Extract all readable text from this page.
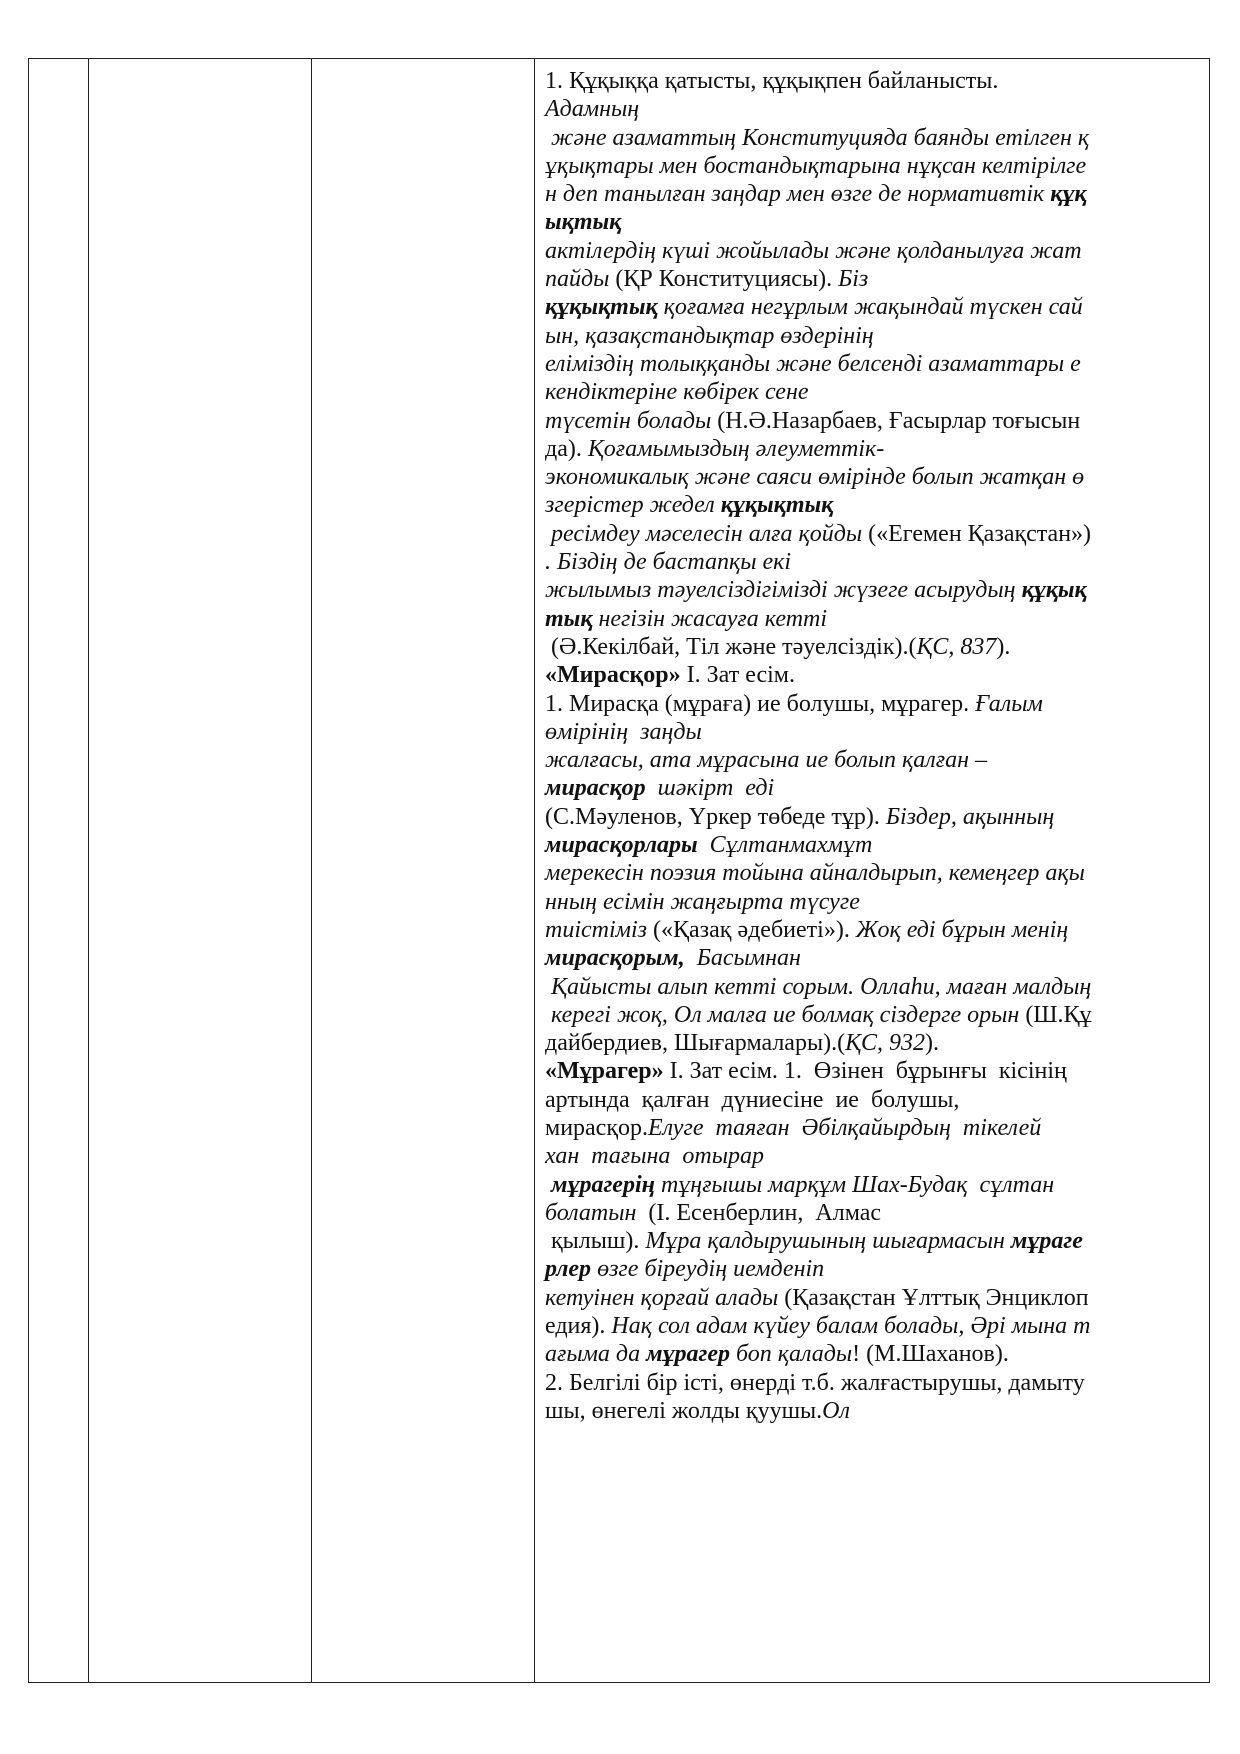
1. Құқыққа қатысты, құқықпен байланысты.
Адамның
және азаматтың Конституцияда баянды етілген қ
ұқықтары мен бостандықтарына нұқсан келтірілге
н деп танылған заңдар мен өзге де нормативтік құқ
ықтық
актілердің күші жойылады және қолданылуға жат
пайды (ҚР Конституциясы). Біз
құқықтық қоғамға негұрлым жақындай түскен сай
ын, қазақстандықтар өздерінің
еліміздің толыққанды және белсенді азаматтары е
кендіктеріне көбірек сене
түсетін болады (Н.Ә.Назарбаев, Ғасырлар тоғысын
да). Қоғамымыздың әлеуметтік-
экономикалық және саяси өмірінде болып жатқан ө
згерістер жедел құқықтық
ресімдеу мәселесін алға қойды («Егемен Қазақстан»)
. Біздің де бастапқы екі
жылымыз тәуелсіздігімізді жүзеге асырудың құқық
тық негізін жасауға кетті
(Ә.Кекілбай, Тіл және тәуелсіздік).(ҚС, 837).
«Мирасқор» I. Зат есім.
1. Мирасқа (мұраға) ие болушы, мұрагер. Ғалым
өмірінің  заңды
жалғасы, ата мұрасына ие болып қалған –
мирасқор  шәкірт  еді
(С.Мәуленов, Үркер төбеде тұр). Біздер, ақынның
мирасқорлары  Сұлтанмахмұт
мерекесін поэзия тойына айналдырып, кемеңгер ақы
нның есімін жаңғырта түсуге
тиістіміз («Қазақ әдебиеті»). Жоқ еді бұрын менің
мирасқорым,  Басымнан
Қайысты алып кетті сорым. Оллаһи, маған малдың
керегі жоқ, Ол малға ие болмақ сіздерге орын (Ш.Құ
дайбердиев, Шығармалары).(ҚС, 932).
«Мұрагер» I. Зат есім. 1.  Өзінен  бұрынғы  кісінің
артында  қалған  дүниесіне  ие  болушы,
мирасқор.Елуге  таяған  Әбілқайырдың  тікелей
хан  тағына  отырар
мұрагерің тұңғышы марқұм Шах-Будақ  сұлтан
болатын  (І. Есенберлин,  Алмас
қылыш). Мұра қалдырушының шығармасын мұраге
рлер өзге біреудің иемденіп
кетуінен қорғай алады (Қазақстан Ұлттық Энциклоп
едия). Нақ сол адам күйеу балам болады, Әрі мына т
ағыма да мұрагер боп қалады! (М.Шаханов).
2. Белгілі бір істі, өнерді т.б. жалғастырушы, дамыту
шы, өнегелі жолды қуушы.Ол
